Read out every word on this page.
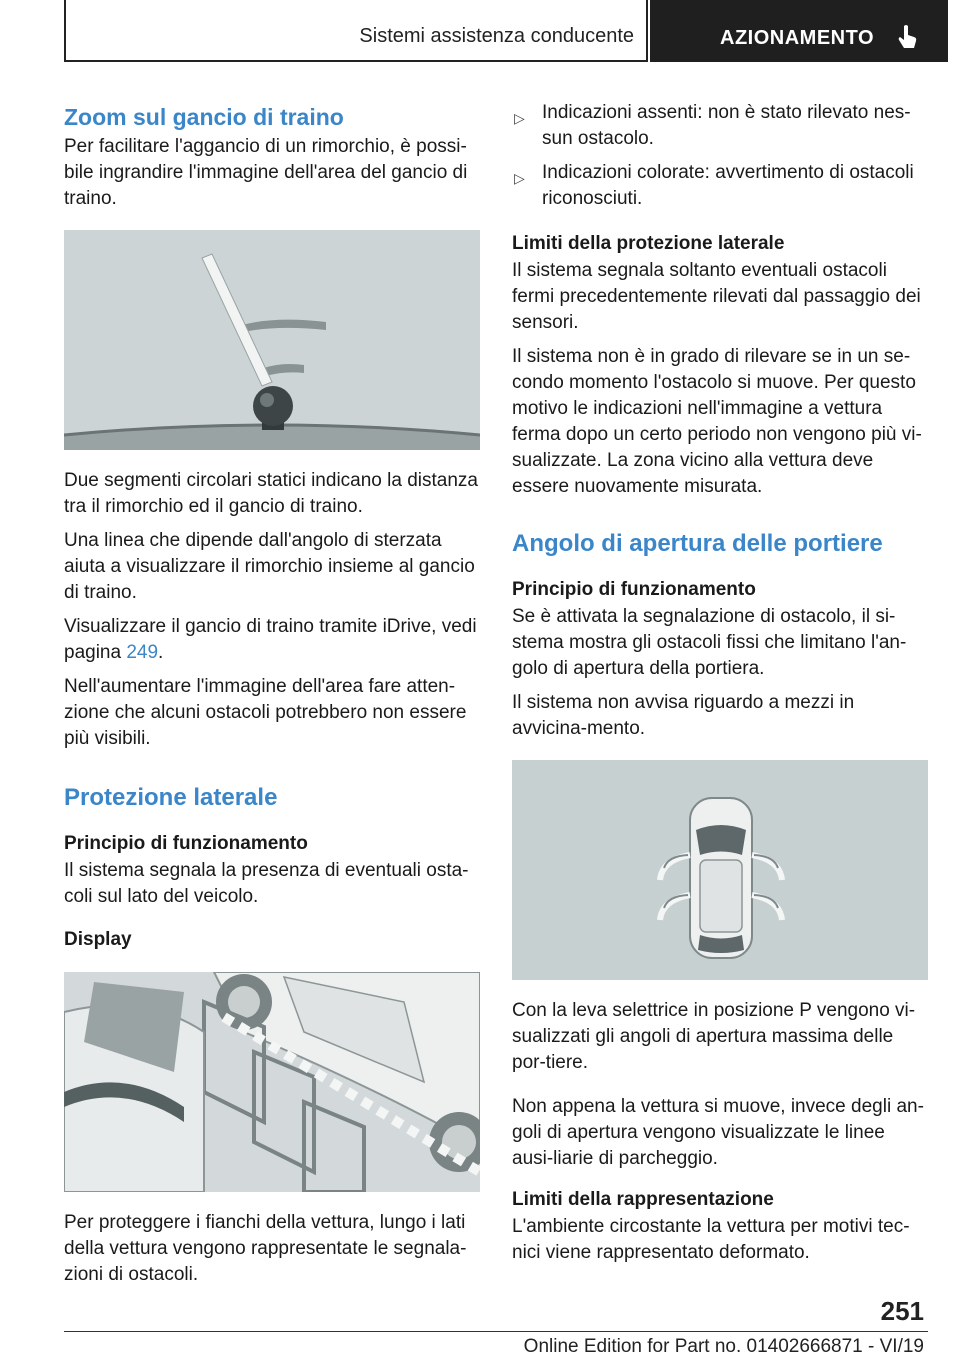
Sistemi assistenza conducente	AZIONAMENTO
Zoom sul gancio di traino

Per facilitare l'aggancio di un rimorchio, è possi-bile ingrandire l'immagine dell'area del gancio di traino.

Due segmenti circolari statici indicano la distanza tra il rimorchio ed il gancio di traino.

Una linea che dipende dall'angolo di sterzata aiuta a visualizzare il rimorchio insieme al gancio di traino.

Visualizzare il gancio di traino tramite iDrive, vedi pagina 249.

Nell'aumentare l'immagine dell'area fare atten-zione che alcuni ostacoli potrebbero non essere più visibili.

Protezione laterale
Principio di funzionamento

Il sistema segnala la presenza di eventuali osta-coli sul lato del veicolo.

Display

Per proteggere i fianchi della vettura, lungo i lati della vettura vengono rappresentate le segnala-zioni di ostacoli.

▷ Indicazioni assenti: non è stato rilevato nes-sun ostacolo.
▷ Indicazioni colorate: avvertimento di ostacoli riconosciuti.
Limiti della protezione laterale

Il sistema segnala soltanto eventuali ostacoli fermi precedentemente rilevati dal passaggio dei sensori.

Il sistema non è in grado di rilevare se in un se-condo momento l'ostacolo si muove. Per questo motivo le indicazioni nell'immagine a vettura ferma dopo un certo periodo non vengono più vi-sualizzate. La zona vicino alla vettura deve essere nuovamente misurata.

Angolo di apertura delle portiere
Principio di funzionamento

Se è attivata la segnalazione di ostacolo, il si-stema mostra gli ostacoli fissi che limitano l'an-golo di apertura della portiera.

Il sistema non avvisa riguardo a mezzi in avvicina-mento.

Con la leva selettrice in posizione P vengono vi-sualizzati gli angoli di apertura massima delle por-tiere.

Non appena la vettura si muove, invece degli an-goli di apertura vengono visualizzate le linee ausi-liarie di parcheggio.

Limiti della rappresentazione

L'ambiente circostante la vettura per motivi tec-nici viene rappresentato deformato.

251
Online Edition for Part no. 01402666871 - VI/19
